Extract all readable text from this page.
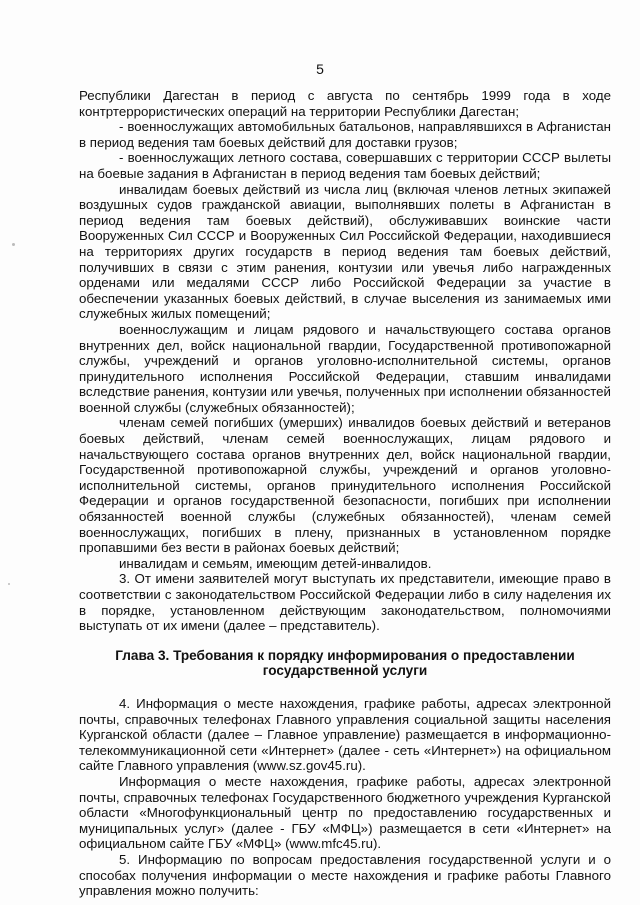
5

Республики Дагестан в период с августа по сентябрь 1999 года в ходе контртеррористических операций на территории Республики Дагестан;

- военнослужащих автомобильных батальонов, направлявшихся в Афганистан в период ведения там боевых действий для доставки грузов;

- военнослужащих летного состава, совершавших с территории СССР вылеты на боевые задания в Афганистан в период ведения там боевых действий;

инвалидам боевых действий из числа лиц (включая членов летных экипажей воздушных судов гражданской авиации, выполнявших полеты в Афганистан в период ведения там боевых действий), обслуживавших воинские части Вооруженных Сил СССР и Вооруженных Сил Российской Федерации, находившиеся на территориях других государств в период ведения там боевых действий, получивших в связи с этим ранения, контузии или увечья либо награжденных орденами или медалями СССР либо Российской Федерации за участие в обеспечении указанных боевых действий, в случае выселения из занимаемых ими служебных жилых помещений;

военнослужащим и лицам рядового и начальствующего состава органов внутренних дел, войск национальной гвардии, Государственной противопожарной службы, учреждений и органов уголовно-исполнительной системы, органов принудительного исполнения Российской Федерации, ставшим инвалидами вследствие ранения, контузии или увечья, полученных при исполнении обязанностей военной службы (служебных обязанностей);

членам семей погибших (умерших) инвалидов боевых действий и ветеранов боевых действий, членам семей военнослужащих, лицам рядового и начальствующего состава органов внутренних дел, войск национальной гвардии, Государственной противопожарной службы, учреждений и органов уголовно-исполнительной системы, органов принудительного исполнения Российской Федерации и органов государственной безопасности, погибших при исполнении обязанностей военной службы (служебных обязанностей), членам семей военнослужащих, погибших в плену, признанных в установленном порядке пропавшими без вести в районах боевых действий;

инвалидам и семьям, имеющим детей-инвалидов.

3. От имени заявителей могут выступать их представители, имеющие право в соответствии с законодательством Российской Федерации либо в силу наделения их в порядке, установленном действующим законодательством, полномочиями выступать от их имени (далее – представитель).

Глава 3. Требования к порядку информирования о предоставлении государственной услуги

4. Информация о месте нахождения, графике работы, адресах электронной почты, справочных телефонах Главного управления социальной защиты населения Курганской области (далее – Главное управление) размещается в информационно-телекоммуникационной сети «Интернет» (далее - сеть «Интернет») на официальном сайте Главного управления (www.sz.gov45.ru).

Информация о месте нахождения, графике работы, адресах электронной почты, справочных телефонах Государственного бюджетного учреждения Курганской области «Многофункциональный центр по предоставлению государственных и муниципальных услуг» (далее - ГБУ «МФЦ») размещается в сети «Интернет» на официальном сайте ГБУ «МФЦ» (www.mfc45.ru).

5. Информацию по вопросам предоставления государственной услуги и о способах получения информации о месте нахождения и графике работы Главного управления можно получить:
